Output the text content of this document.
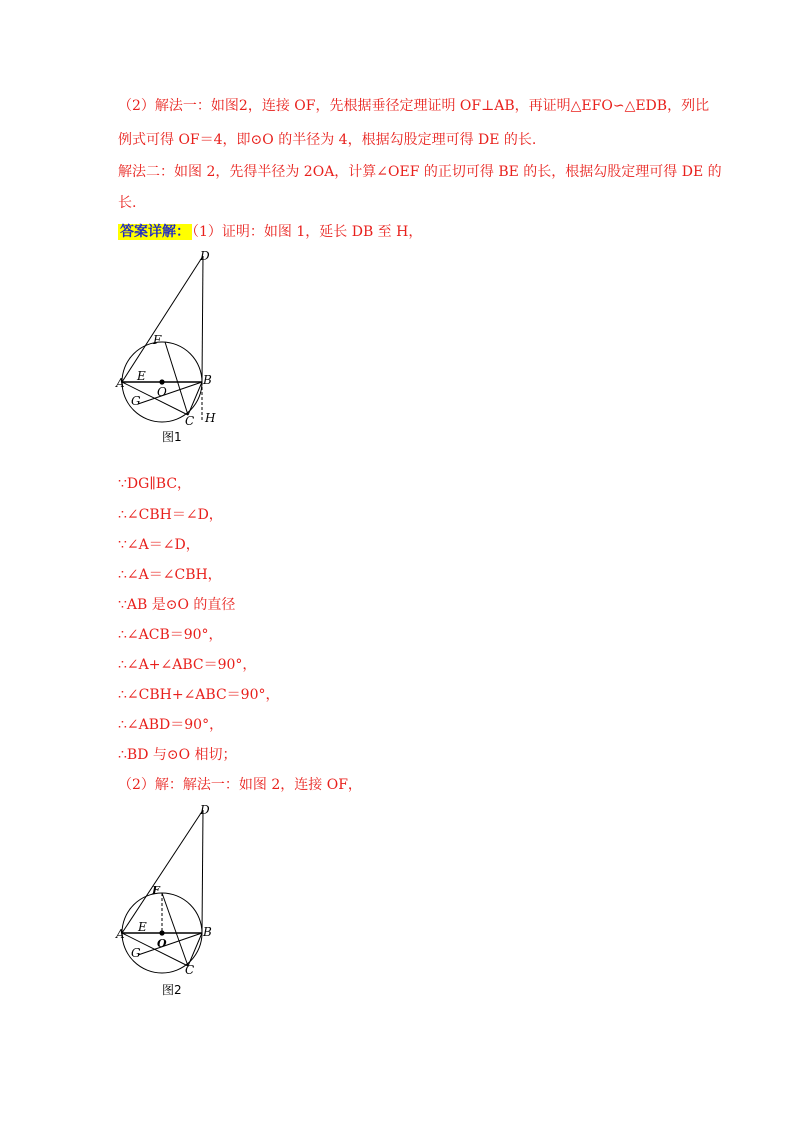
（2）解法一：如图2，连接 OF，先根据垂径定理证明 OF⊥AB，再证明△EFO∽△EDB，列比
例式可得 OF＝4，即⊙O 的半径为 4，根据勾股定理可得 DE 的长.
解法二：如图 2，先得半径为 2OA，计算∠OEF 的正切可得 BE 的长，根据勾股定理可得 DE 的
长.
答案详解： （1）证明：如图 1，延长 DB 至 H，
D
F
A E	B
O
G
C H
图1
∵DG∥BC，
∴∠CBH＝∠D，
∵∠A＝∠D，
∴∠A＝∠CBH，
∵AB 是⊙O 的直径
∴∠ACB＝90°，
∴∠A+∠ABC＝90°，
∴∠CBH+∠ABC＝90°，
∴∠ABD＝90°，
∴BD 与⊙O 相切；
（2）解：解法一：如图 2，连接 OF，
D
F
A E	B
O
G
C
图2
